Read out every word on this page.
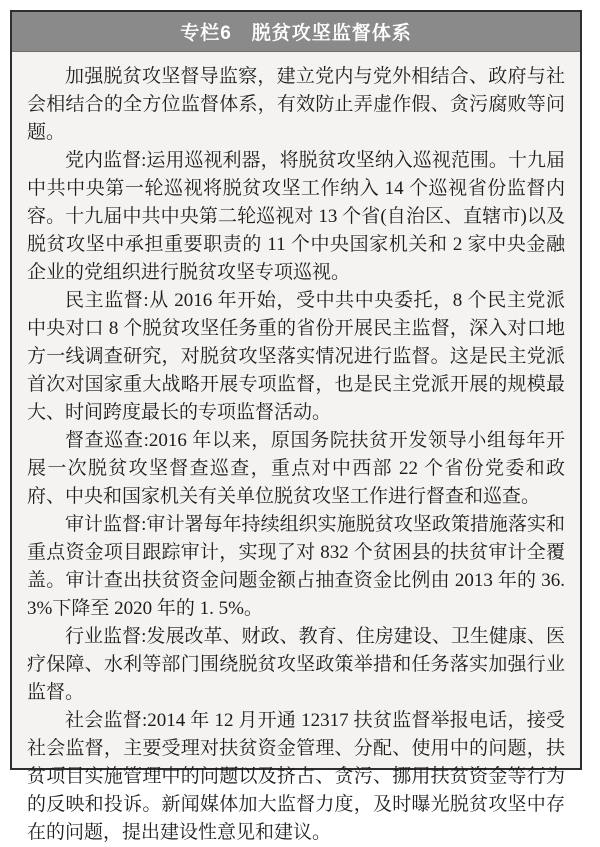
专栏6　脱贫攻坚监督体系

加强脱贫攻坚督导监察，建立党内与党外相结合、政府与社会相结合的全方位监督体系，有效防止弄虚作假、贪污腐败等问题。

党内监督:运用巡视利器，将脱贫攻坚纳入巡视范围。十九届中共中央第一轮巡视将脱贫攻坚工作纳入 14 个巡视省份监督内容。十九届中共中央第二轮巡视对 13 个省(自治区、直辖市)以及脱贫攻坚中承担重要职责的 11 个中央国家机关和 2 家中央金融企业的党组织进行脱贫攻坚专项巡视。

民主监督:从 2016 年开始，受中共中央委托，8 个民主党派中央对口 8 个脱贫攻坚任务重的省份开展民主监督，深入对口地方一线调查研究，对脱贫攻坚落实情况进行监督。这是民主党派首次对国家重大战略开展专项监督，也是民主党派开展的规模最大、时间跨度最长的专项监督活动。

督查巡查:2016 年以来，原国务院扶贫开发领导小组每年开展一次脱贫攻坚督查巡查，重点对中西部 22 个省份党委和政府、中央和国家机关有关单位脱贫攻坚工作进行督查和巡查。

审计监督:审计署每年持续组织实施脱贫攻坚政策措施落实和重点资金项目跟踪审计，实现了对 832 个贫困县的扶贫审计全覆盖。审计查出扶贫资金问题金额占抽查资金比例由 2013 年的 36. 3%下降至 2020 年的 1. 5%。

行业监督:发展改革、财政、教育、住房建设、卫生健康、医疗保障、水利等部门围绕脱贫攻坚政策举措和任务落实加强行业监督。

社会监督:2014 年 12 月开通 12317 扶贫监督举报电话，接受社会监督，主要受理对扶贫资金管理、分配、使用中的问题，扶贫项目实施管理中的问题以及挤占、贪污、挪用扶贫资金等行为的反映和投诉。新闻媒体加大监督力度，及时曝光脱贫攻坚中存在的问题，提出建设性意见和建议。
